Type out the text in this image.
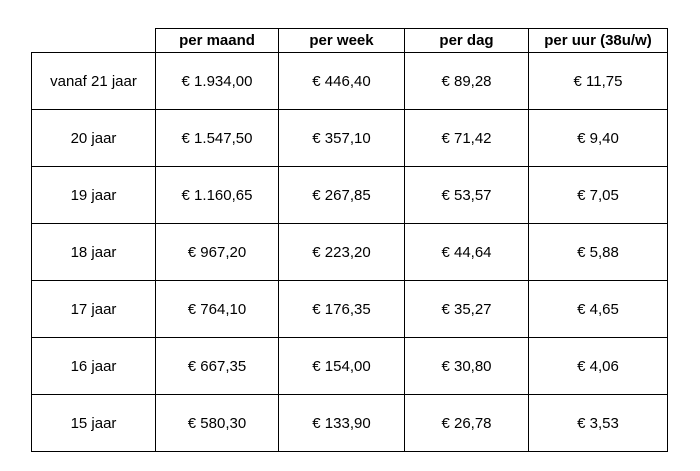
	per maand	per week	per dag	per uur (38u/w)
vanaf 21 jaar	€ 1.934,00	€ 446,40	€ 89,28	€ 11,75
20 jaar	€ 1.547,50	€ 357,10	€ 71,42	€ 9,40
19 jaar	€ 1.160,65	€ 267,85	€ 53,57	€ 7,05
18 jaar	€ 967,20	€ 223,20	€ 44,64	€ 5,88
17 jaar	€ 764,10	€ 176,35	€ 35,27	€ 4,65
16 jaar	€ 667,35	€ 154,00	€ 30,80	€ 4,06
15 jaar	€ 580,30	€ 133,90	€ 26,78	€ 3,53
